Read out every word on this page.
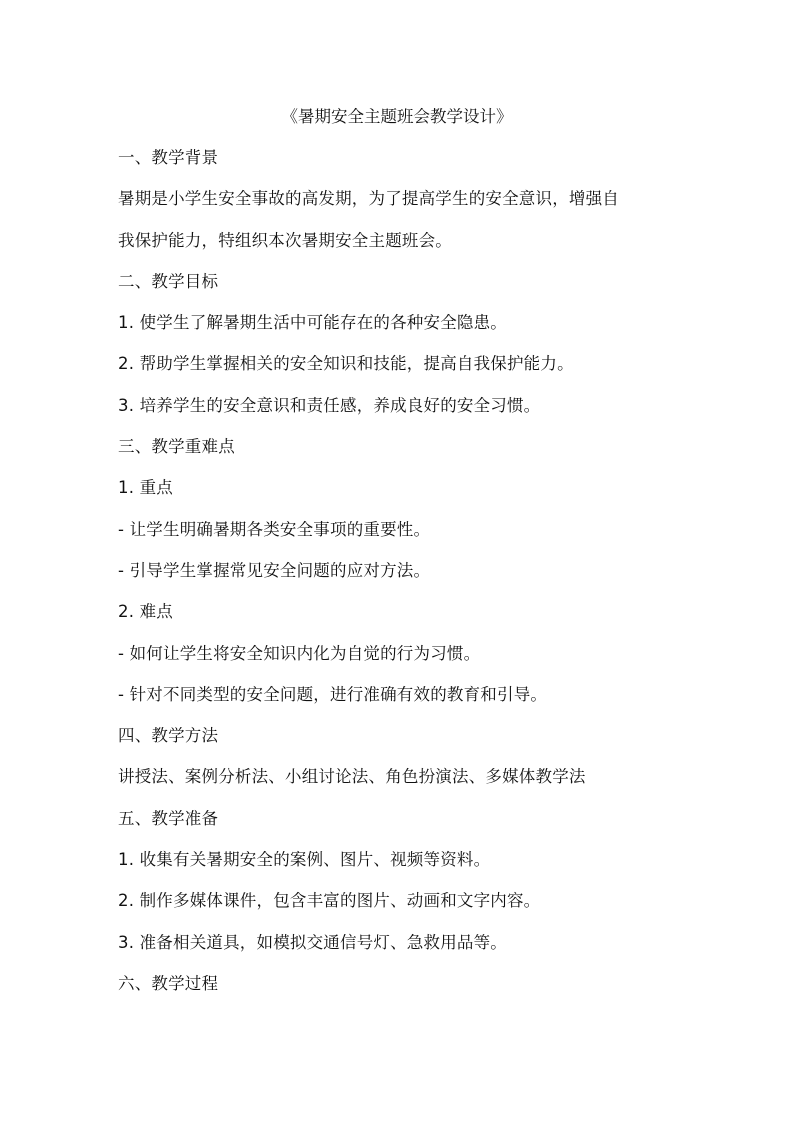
《暑期安全主题班会教学设计》
一、教学背景
暑期是小学生安全事故的高发期，为了提高学生的安全意识，增强自
我保护能力，特组织本次暑期安全主题班会。
二、教学目标
1. 使学生了解暑期生活中可能存在的各种安全隐患。
2. 帮助学生掌握相关的安全知识和技能，提高自我保护能力。
3. 培养学生的安全意识和责任感，养成良好的安全习惯。
三、教学重难点
1. 重点
- 让学生明确暑期各类安全事项的重要性。
- 引导学生掌握常见安全问题的应对方法。
2. 难点
- 如何让学生将安全知识内化为自觉的行为习惯。
- 针对不同类型的安全问题，进行准确有效的教育和引导。
四、教学方法
讲授法、案例分析法、小组讨论法、角色扮演法、多媒体教学法
五、教学准备
1. 收集有关暑期安全的案例、图片、视频等资料。
2. 制作多媒体课件，包含丰富的图片、动画和文字内容。
3. 准备相关道具，如模拟交通信号灯、急救用品等。
六、教学过程
